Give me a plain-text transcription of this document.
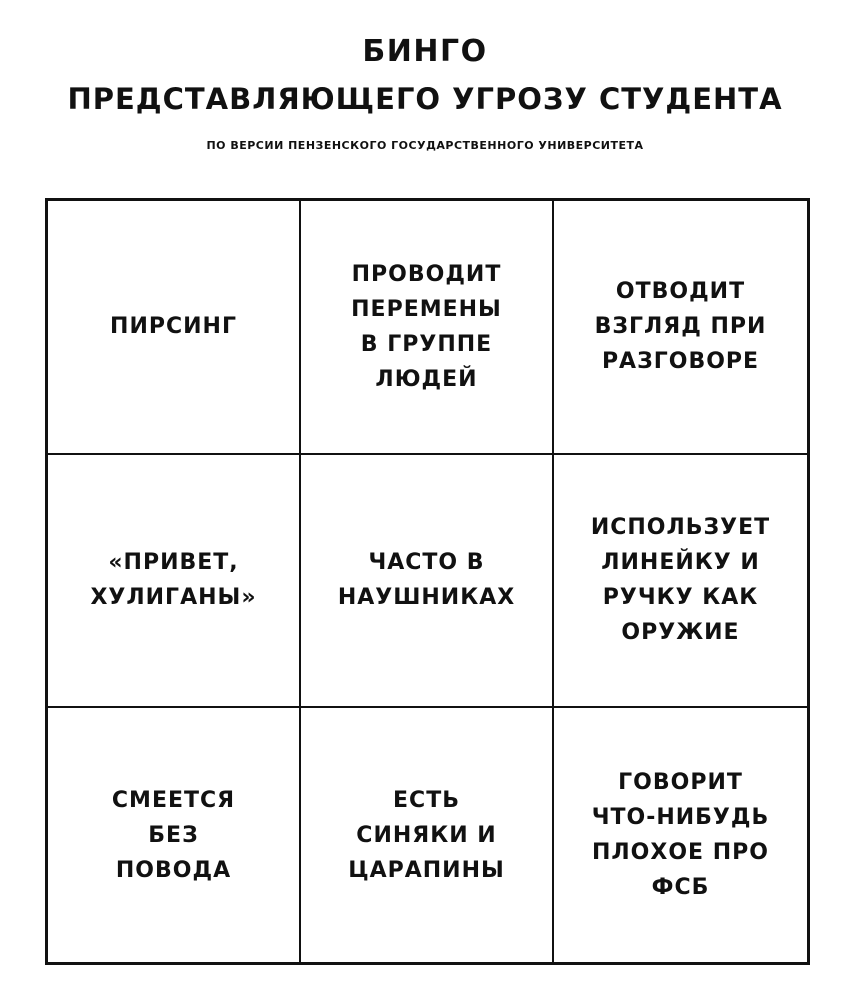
БИНГО
ПРЕДСТАВЛЯЮЩЕГО УГРОЗУ СТУДЕНТА
ПО ВЕРСИИ ПЕНЗЕНСКОГО ГОСУДАРСТВЕННОГО УНИВЕРСИТЕТА
ПИРСИНГ
ПРОВОДИТ
ПЕРЕМЕНЫ
В ГРУППЕ
ЛЮДЕЙ
ОТВОДИТ
ВЗГЛЯД ПРИ
РАЗГОВОРЕ
«ПРИВЕТ,
ХУЛИГАНЫ»
ЧАСТО В
НАУШНИКАХ
ИСПОЛЬЗУЕТ
ЛИНЕЙКУ И
РУЧКУ КАК
ОРУЖИЕ
СМЕЕТСЯ
БЕЗ
ПОВОДА
ЕСТЬ
СИНЯКИ И
ЦАРАПИНЫ
ГОВОРИТ
ЧТО-НИБУДЬ
ПЛОХОЕ ПРО
ФСБ
